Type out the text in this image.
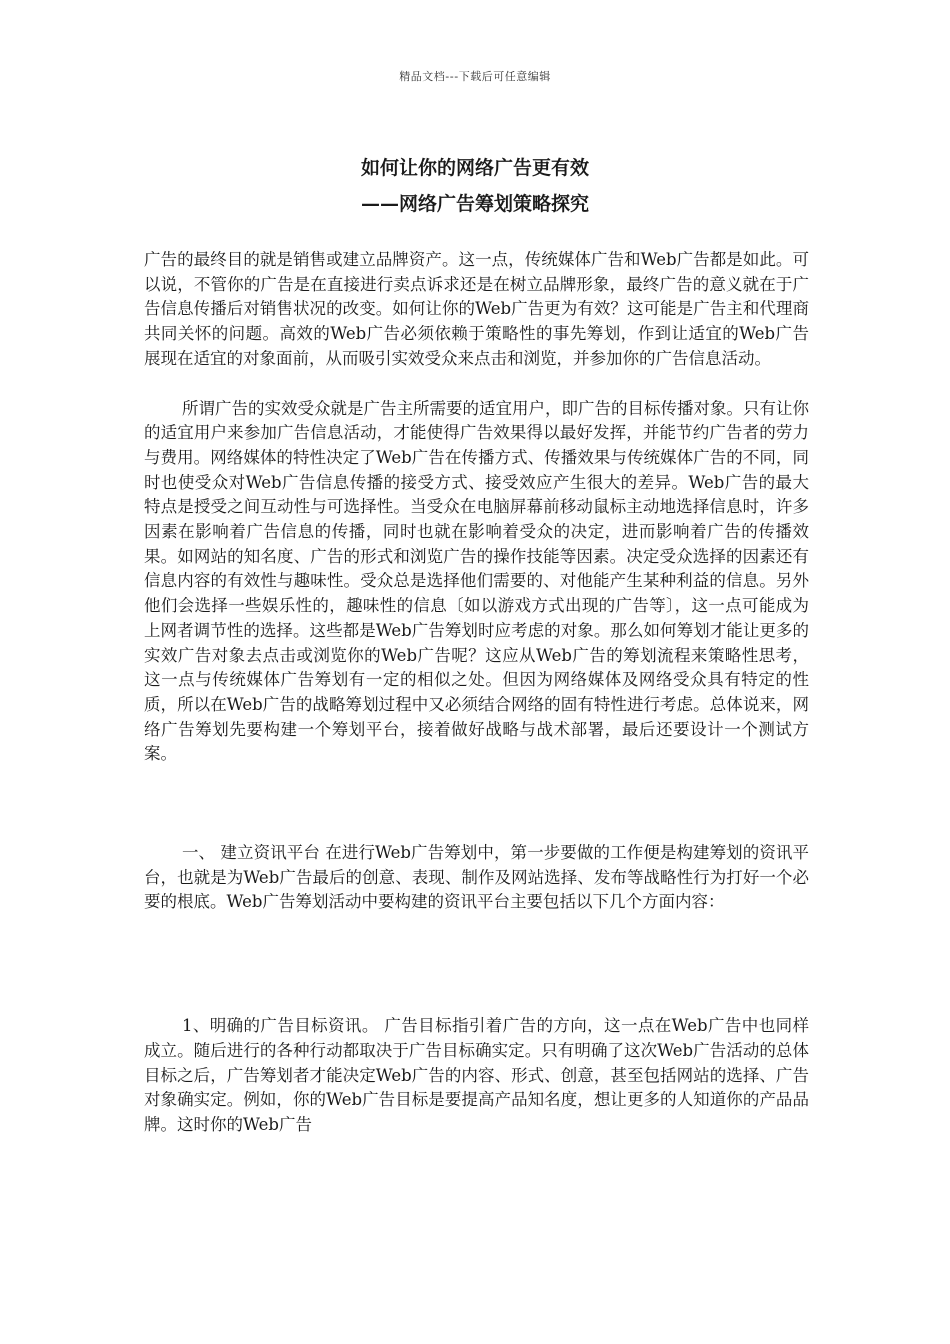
精品文档---下载后可任意编辑
如何让你的网络广告更有效
——网络广告筹划策略探究

广告的最终目的就是销售或建立品牌资产。这一点，传统媒体广告和Web广告都是如此。可以说，不管你的广告是在直接进行卖点诉求还是在树立品牌形象，最终广告的意义就在于广告信息传播后对销售状况的改变。如何让你的Web广告更为有效？这可能是广告主和代理商共同关怀的问题。高效的Web广告必须依赖于策略性的事先筹划，作到让适宜的Web广告展现在适宜的对象面前，从而吸引实效受众来点击和浏览，并参加你的广告信息活动。

所谓广告的实效受众就是广告主所需要的适宜用户，即广告的目标传播对象。只有让你的适宜用户来参加广告信息活动，才能使得广告效果得以最好发挥，并能节约广告者的劳力与费用。网络媒体的特性决定了Web广告在传播方式、传播效果与传统媒体广告的不同，同时也使受众对Web广告信息传播的接受方式、接受效应产生很大的差异。Web广告的最大特点是授受之间互动性与可选择性。当受众在电脑屏幕前移动鼠标主动地选择信息时，许多因素在影响着广告信息的传播，同时也就在影响着受众的决定，进而影响着广告的传播效果。如网站的知名度、广告的形式和浏览广告的操作技能等因素。决定受众选择的因素还有信息内容的有效性与趣味性。受众总是选择他们需要的、对他能产生某种利益的信息。另外他们会选择一些娱乐性的，趣味性的信息〔如以游戏方式出现的广告等〕，这一点可能成为上网者调节性的选择。这些都是Web广告筹划时应考虑的对象。那么如何筹划才能让更多的实效广告对象去点击或浏览你的Web广告呢？这应从Web广告的筹划流程来策略性思考，这一点与传统媒体广告筹划有一定的相似之处。但因为网络媒体及网络受众具有特定的性质，所以在Web广告的战略筹划过程中又必须结合网络的固有特性进行考虑。总体说来，网络广告筹划先要构建一个筹划平台，接着做好战略与战术部署，最后还要设计一个测试方案。

一、 建立资讯平台 在进行Web广告筹划中，第一步要做的工作便是构建筹划的资讯平台，也就是为Web广告最后的创意、表现、制作及网站选择、发布等战略性行为打好一个必要的根底。Web广告筹划活动中要构建的资讯平台主要包括以下几个方面内容：

1、明确的广告目标资讯。 广告目标指引着广告的方向，这一点在Web广告中也同样成立。随后进行的各种行动都取决于广告目标确实定。只有明确了这次Web广告活动的总体目标之后，广告筹划者才能决定Web广告的内容、形式、创意，甚至包括网站的选择、广告对象确实定。例如，你的Web广告目标是要提高产品知名度，想让更多的人知道你的产品品牌。这时你的Web广告
